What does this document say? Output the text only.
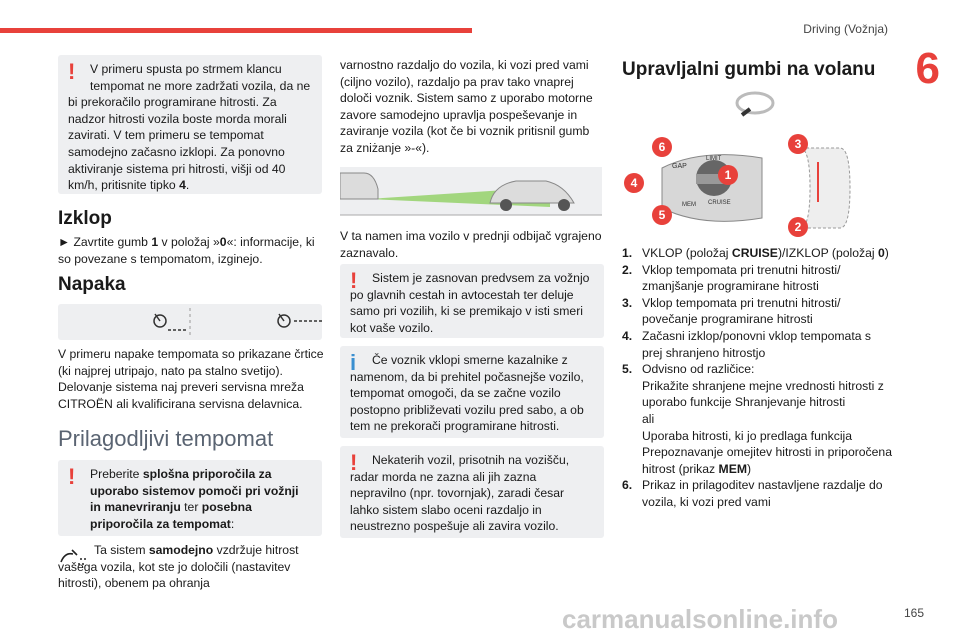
Driving (Vožnja)
6
!	V primeru spusta po strmem klancu
tempomat ne more zadržati vozila, da ne
bi prekoračilo programirane hitrosti. Za nadzor hitrosti vozila boste morda morali zavirati. V tem primeru se tempomat samodejno začasno izklopi. Za ponovno aktiviranje sistema pri hitrosti, višji od 40 km/h, pritisnite tipko 4.
Izklop
► Zavrtite gumb 1 v položaj »0«: informacije, ki so povezane s tempomatom, izginejo.
Napaka
V primeru napake tempomata so prikazane črtice (ki najprej utripajo, nato pa stalno svetijo). Delovanje sistema naj preveri servisna mreža CITROËN ali kvalificirana servisna delavnica.
Prilagodljivi tempomat
!	Preberite splošna priporočila za uporabo sistemov pomoči pri vožnji in manevriranju ter posebna priporočila za tempomat:
Ta sistem samodejno vzdržuje hitrost vašega vozila, kot ste jo določili (nastavitev hitrosti), obenem pa ohranja
varnostno razdaljo do vozila, ki vozi pred vami (ciljno vozilo), razdaljo pa prav tako vnaprej določi voznik. Sistem samo z uporabo motorne zavore samodejno upravlja pospeševanje in zaviranje vozila (kot če bi voznik pritisnil gumb za zniżanje »-«).
V ta namen ima vozilo v prednji odbijač vgrajeno zaznavalo.
!	Sistem je zasnovan predvsem za vožnjo po glavnih cestah in avtocestah ter deluje samo pri vozilih, ki se premikajo v isti smeri kot vaše vozilo.
i	Če voznik vklopi smerne kazalnike z namenom, da bi prehitel počasnejše vozilo, tempomat omogoči, da se začne vozilo postopno približevati vozilu pred sabo, a ob tem ne prekorači programirane hitrosti.
!	Nekaterih vozil, prisotnih na vozišču, radar morda ne zazna ali jih zazna nepravilno (npr. tovornjak), zaradi česar lahko sistem slabo oceni razdaljo in neustrezno pospešuje ali zavira vozilo.
Upravljalni gumbi na volanu
GAP
LIMIT
CRUISE
MEM
1
2
3
4
5
6
1. VKLOP (položaj CRUISE)/IZKLOP (položaj 0)
2. Vklop tempomata pri trenutni hitrosti/ zmanjšanje programirane hitrosti
3. Vklop tempomata pri trenutni hitrosti/ povečanje programirane hitrosti
4. Začasni izklop/ponovni vklop tempomata s prej shranjeno hitrostjo
5. Odvisno od različice:
Prikažite shranjene mejne vrednosti hitrosti z uporabo funkcije Shranjevanje hitrosti
ali
Uporaba hitrosti, ki jo predlaga funkcija Prepoznavanje omejitev hitrosti in priporočena hitrost (prikaz MEM)
6. Prikaz in prilagoditev nastavljene razdalje do vozila, ki vozi pred vami
carmanualsonline.info	165
